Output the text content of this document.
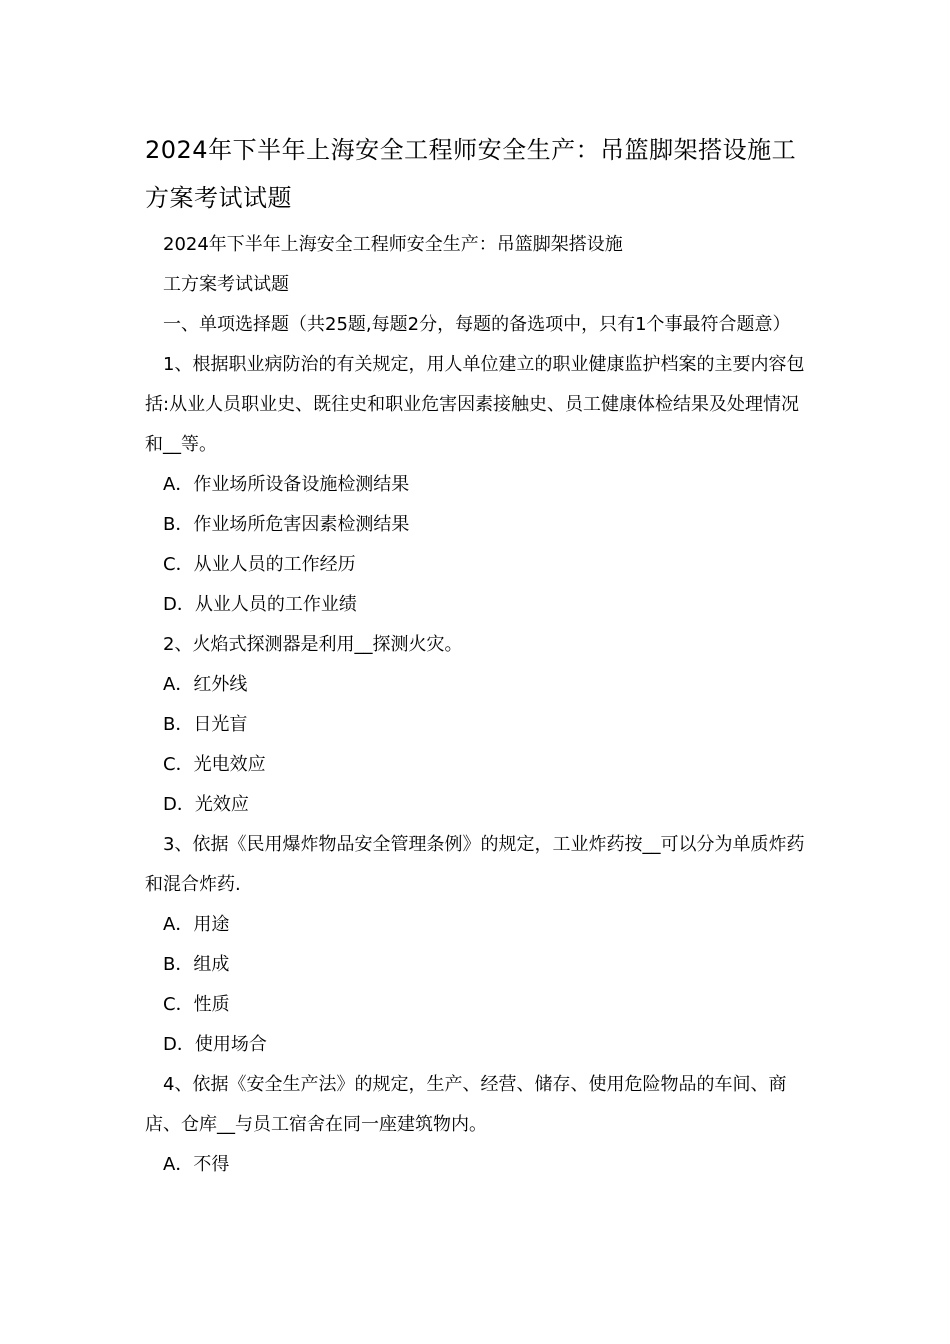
2024年下半年上海安全工程师安全生产：吊篮脚架搭设施工方案考试试题

2024年下半年上海安全工程师安全生产：吊篮脚架搭设施

工方案考试试题

一、单项选择题（共25题,每题2分，每题的备选项中，只有1个事最符合题意）

1、根据职业病防治的有关规定，用人单位建立的职业健康监护档案的主要内容包括:从业人员职业史、既往史和职业危害因素接触史、员工健康体检结果及处理情况和__等。

A．作业场所设备设施检测结果

B．作业场所危害因素检测结果

C．从业人员的工作经历

D．从业人员的工作业绩

2、火焰式探测器是利用__探测火灾。

A．红外线

B．日光盲

C．光电效应

D．光效应

3、依据《民用爆炸物品安全管理条例》的规定，工业炸药按__可以分为单质炸药和混合炸药.

A．用途

B．组成

C．性质

D．使用场合

4、依据《安全生产法》的规定，生产、经营、储存、使用危险物品的车间、商店、仓库__与员工宿舍在同一座建筑物内。

A．不得
